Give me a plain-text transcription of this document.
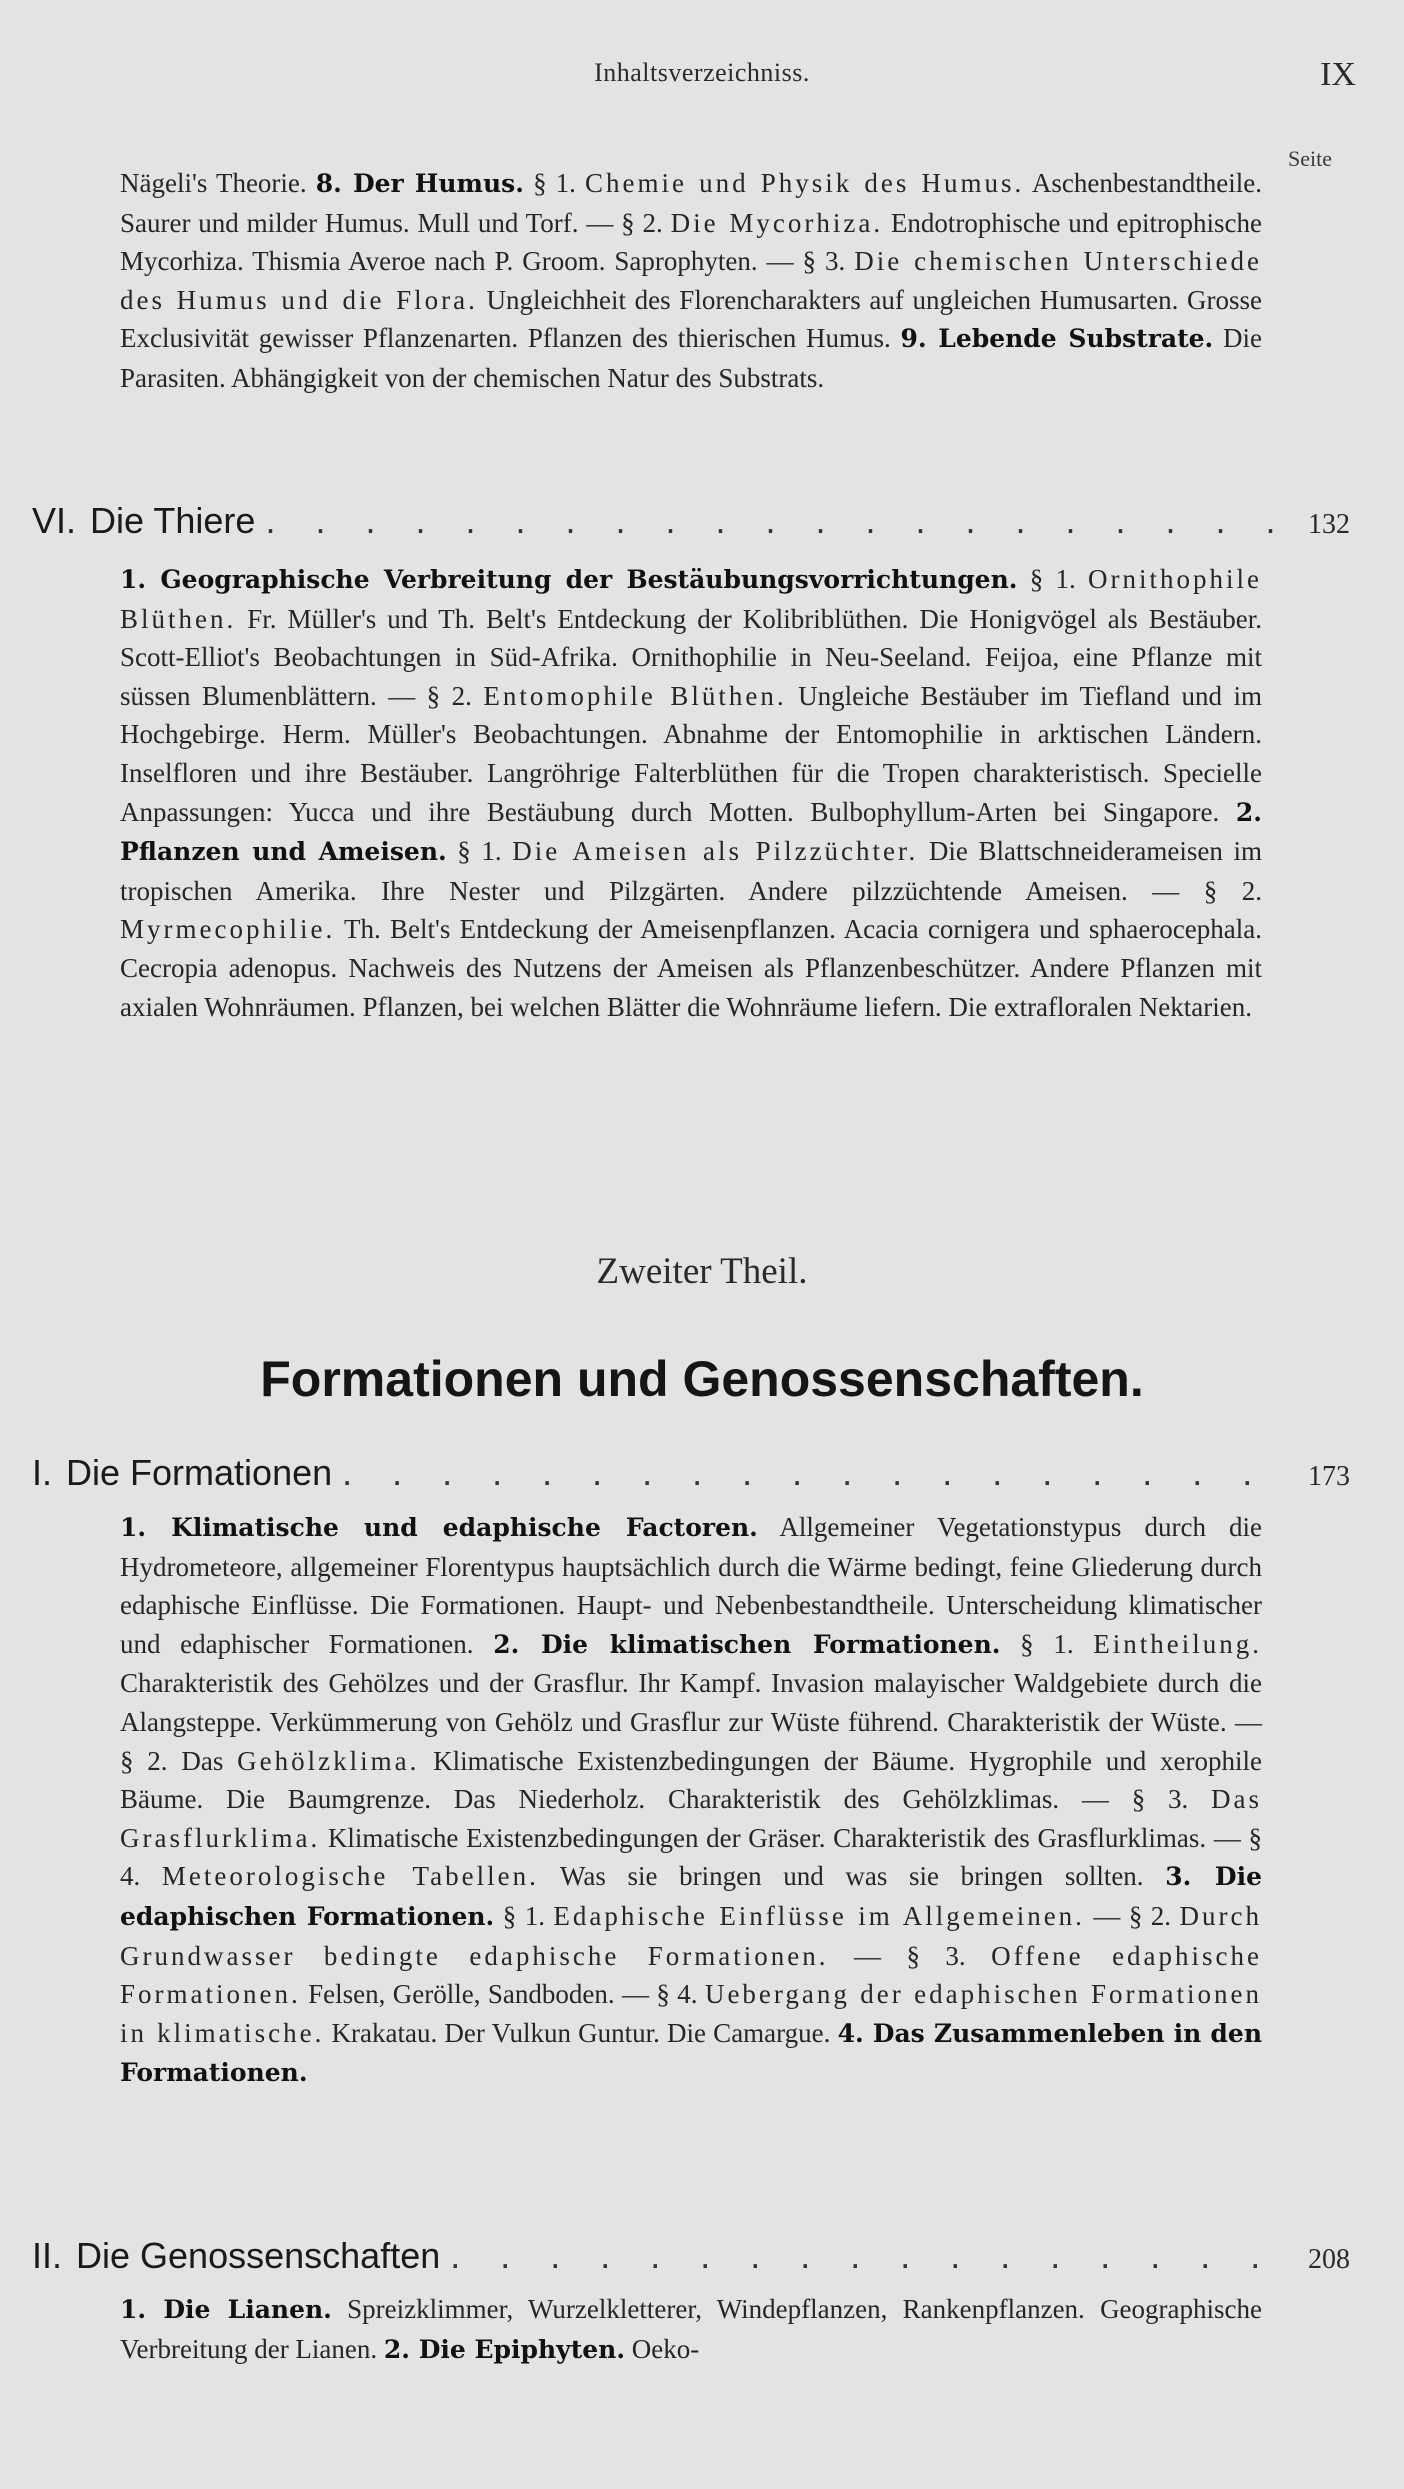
Inhaltsverzeichniss.	IX
Seite
Nägeli's Theorie. 8. Der Humus. § 1. Chemie und Physik des Humus. Aschenbestandtheile. Saurer und milder Humus. Mull und Torf. — § 2. Die Mycorhiza. Endotrophische und epitrophische Mycorhiza. Thismia Averoe nach P. Groom. Saprophyten. — § 3. Die chemischen Unterschiede des Humus und die Flora. Ungleichheit des Florencharakters auf ungleichen Humusarten. Grosse Exclusivität gewisser Pflanzenarten. Pflanzen des thierischen Humus. 9. Lebende Substrate. Die Parasiten. Abhängigkeit von der chemischen Natur des Substrats.
VI. Die Thiere . . .	132
1. Geographische Verbreitung der Bestäubungsvorrichtungen. § 1. Ornithophile Blüthen. Fr. Müller's und Th. Belt's Entdeckung der Kolibriblüthen. Die Honigvögel als Bestäuber. Scott-Elliot's Beobachtungen in Süd-Afrika. Ornithophilie in Neu-Seeland. Feijoa, eine Pflanze mit süssen Blumenblättern. — § 2. Entomophile Blüthen. Ungleiche Bestäuber im Tiefland und im Hochgebirge. Herm. Müller's Beobachtungen. Abnahme der Entomophilie in arktischen Ländern. Inselfloren und ihre Bestäuber. Langröhrige Falterblüthen für die Tropen charakteristisch. Specielle Anpassungen: Yucca und ihre Bestäubung durch Motten. Bulbophyllum-Arten bei Singapore. 2. Pflanzen und Ameisen. § 1. Die Ameisen als Pilzzüchter. Die Blattschneiderameisen im tropischen Amerika. Ihre Nester und Pilzgärten. Andere pilzzüchtende Ameisen. — § 2. Myrmecophilie. Th. Belt's Entdeckung der Ameisenpflanzen. Acacia cornigera und sphaerocephala. Cecropia adenopus. Nachweis des Nutzens der Ameisen als Pflanzenbeschützer. Andere Pflanzen mit axialen Wohnräumen. Pflanzen, bei welchen Blätter die Wohnräume liefern. Die extrafloralen Nektarien.
Zweiter Theil.
Formationen und Genossenschaften.
I. Die Formationen . . .	173
1. Klimatische und edaphische Factoren. Allgemeiner Vegetationstypus durch die Hydrometeore, allgemeiner Florentypus hauptsächlich durch die Wärme bedingt, feine Gliederung durch edaphische Einflüsse. Die Formationen. Haupt- und Nebenbestandtheile. Unterscheidung klimatischer und edaphischer Formationen. 2. Die klimatischen Formationen. § 1. Eintheilung. Charakteristik des Gehölzes und der Grasflur. Ihr Kampf. Invasion malayischer Waldgebiete durch die Alangsteppe. Verkümmerung von Gehölz und Grasflur zur Wüste führend. Charakteristik der Wüste. — § 2. Das Gehölzklima. Klimatische Existenzbedingungen der Bäume. Hygrophile und xerophile Bäume. Die Baumgrenze. Das Niederholz. Charakteristik des Gehölzklimas. — § 3. Das Grasflurklima. Klimatische Existenzbedingungen der Gräser. Charakteristik des Grasflurklimas. — § 4. Meteorologische Tabellen. Was sie bringen und was sie bringen sollten. 3. Die edaphischen Formationen. § 1. Edaphische Einflüsse im Allgemeinen. — § 2. Durch Grundwasser bedingte edaphische Formationen. — § 3. Offene edaphische Formationen. Felsen, Gerölle, Sandboden. — § 4. Uebergang der edaphischen Formationen in klimatische. Krakatau. Der Vulkun Guntur. Die Camargue. 4. Das Zusammenleben in den Formationen.
II. Die Genossenschaften . . .	208
1. Die Lianen. Spreizklimmer, Wurzelkletterer, Windepflanzen, Rankenpflanzen. Geographische Verbreitung der Lianen. 2. Die Epiphyten. Oeko-
